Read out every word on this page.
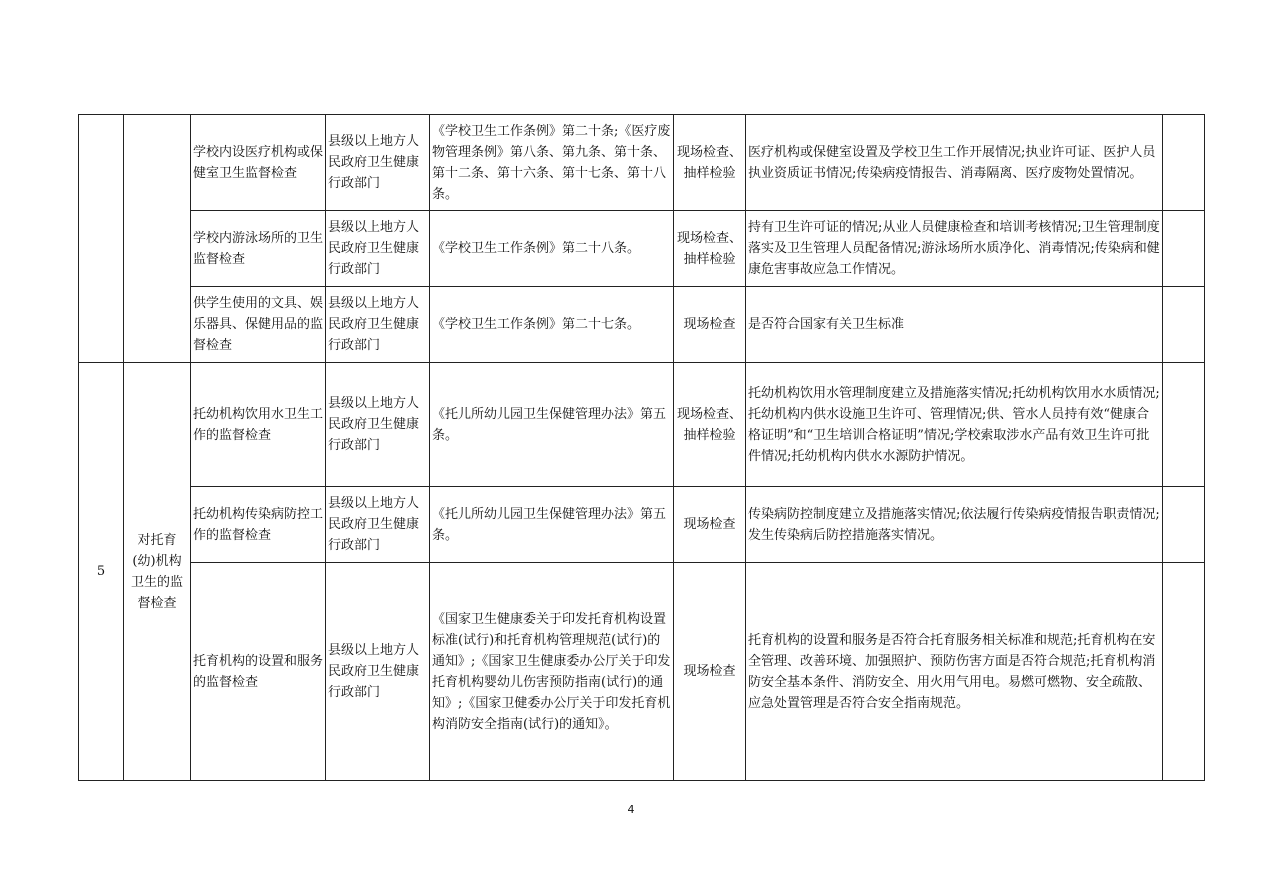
		学校内设医疗机构或保健室卫生监督检查	县级以上地方人民政府卫生健康行政部门	《学校卫生工作条例》第二十条;《医疗废物管理条例》第八条、第九条、第十条、第十二条、第十六条、第十七条、第十八条。	现场检查、抽样检验	医疗机构或保健室设置及学校卫生工作开展情况;执业许可证、医护人员执业资质证书情况;传染病疫情报告、消毒隔离、医疗废物处置情况。	
		学校内游泳场所的卫生监督检查	县级以上地方人民政府卫生健康行政部门	《学校卫生工作条例》第二十八条。	现场检查、抽样检验	持有卫生许可证的情况;从业人员健康检查和培训考核情况;卫生管理制度落实及卫生管理人员配备情况;游泳场所水质净化、消毒情况;传染病和健康危害事故应急工作情况。	
		供学生使用的文具、娱乐器具、保健用品的监督检查	县级以上地方人民政府卫生健康行政部门	《学校卫生工作条例》第二十七条。	现场检查	是否符合国家有关卫生标准	
5	对托育(幼)机构卫生的监督检查	托幼机构饮用水卫生工作的监督检查	县级以上地方人民政府卫生健康行政部门	《托儿所幼儿园卫生保健管理办法》第五条。	现场检查、抽样检验	托幼机构饮用水管理制度建立及措施落实情况;托幼机构饮用水水质情况;托幼机构内供水设施卫生许可、管理情况;供、管水人员持有效“健康合格证明”和“卫生培训合格证明”情况;学校索取涉水产品有效卫生许可批件情况;托幼机构内供水水源防护情况。	
		托幼机构传染病防控工作的监督检查	县级以上地方人民政府卫生健康行政部门	《托儿所幼儿园卫生保健管理办法》第五条。	现场检查	传染病防控制度建立及措施落实情况;依法履行传染病疫情报告职责情况;发生传染病后防控措施落实情况。	
		托育机构的设置和服务的监督检查	县级以上地方人民政府卫生健康行政部门	《国家卫生健康委关于印发托育机构设置标准(试行)和托育机构管理规范(试行)的通知》;《国家卫生健康委办公厅关于印发托育机构婴幼儿伤害预防指南(试行)的通知》;《国家卫健委办公厅关于印发托育机构消防安全指南(试行)的通知》。	现场检查	托育机构的设置和服务是否符合托育服务相关标准和规范;托育机构在安全管理、改善环境、加强照护、预防伤害方面是否符合规范;托育机构消防安全基本条件、消防安全、用火用气用电。易燃可燃物、安全疏散、应急处置管理是否符合安全指南规范。	
4
